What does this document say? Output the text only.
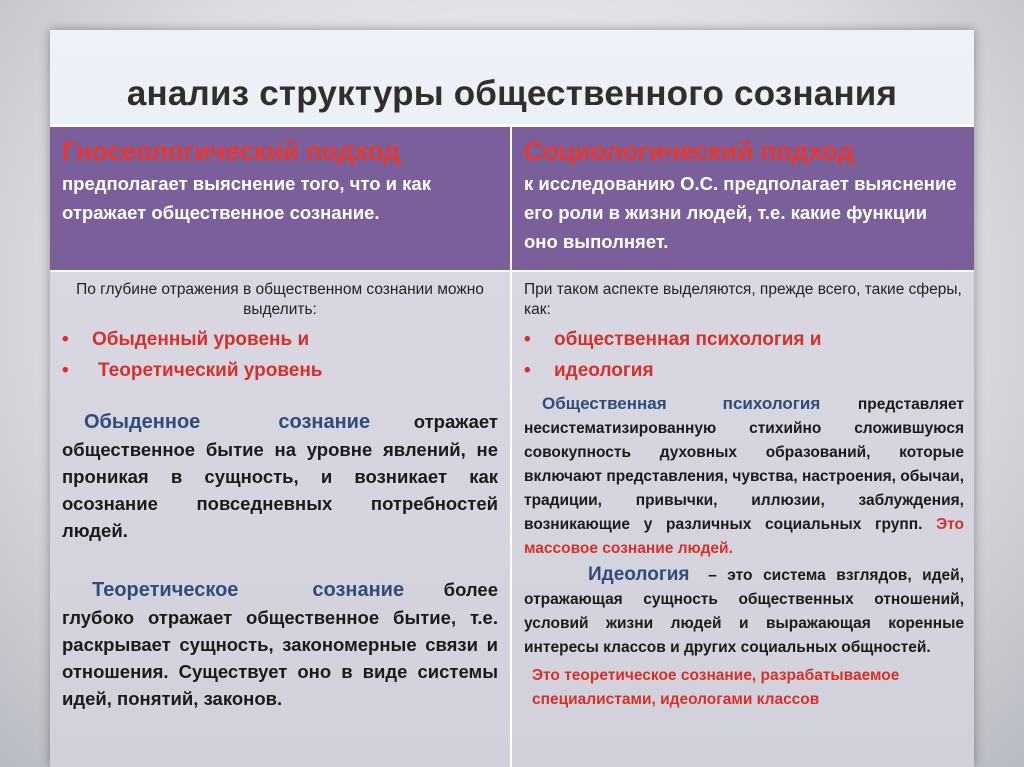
анализ структуры общественного сознания
Гносеологический подход

предполагает выяснение того, что и как отражает общественное сознание.

Социологический подход

к исследованию О.С. предполагает выяснение его роли в жизни людей, т.е. какие функции оно выполняет.

По глубине отражения в общественном сознании можно выделить:
•	Обыденный уровень и
•	Теоретический уровень
Обыденное сознание отражает общественное бытие на уровне явлений, не проникая в сущность, и возникает как осознание повседневных потребностей людей.
Теоретическое сознание более глубоко отражает общественное бытие, т.е. раскрывает сущность, закономерные связи и отношения. Существует оно в виде системы идей, понятий, законов.
При таком аспекте выделяются, прежде всего, такие сферы, как:
•	общественная психология и
•	идеология
Общественная психология представляет несистематизированную стихийно сложившуюся совокупность духовных образований, которые включают представления, чувства, настроения, обычаи, традиции, привычки, иллюзии, заблуждения, возникающие у различных социальных групп. Это массовое сознание людей.
Идеология – это система взглядов, идей, отражающая сущность общественных отношений, условий жизни людей и выражающая коренные интересы классов и других социальных общностей.
Это теоретическое сознание, разрабатываемое специалистами, идеологами классов
